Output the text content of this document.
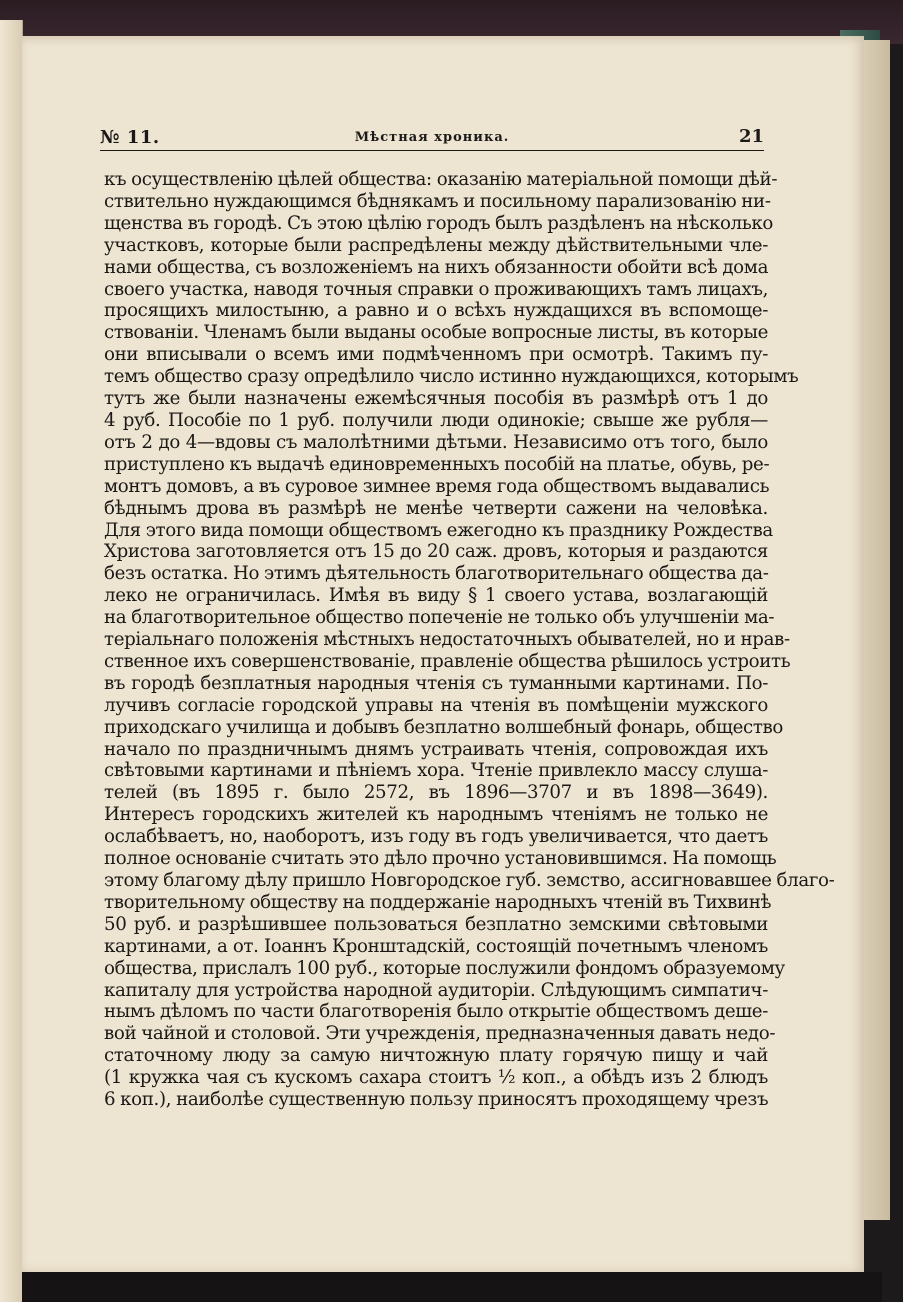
№ 11.	Мѣстная хроника.	21
къ осуществленію цѣлей общества: оказанію матеріальной помощи дѣй-
ствительно нуждающимся бѣднякамъ и посильному парализованію ни-
щенства въ городѣ. Съ этою цѣлію городъ былъ раздѣленъ на нѣсколько
участковъ, которые были распредѣлены между дѣйствительными чле-
нами общества, съ возложеніемъ на нихъ обязанности обойти всѣ дома
своего участка, наводя точныя справки о проживающихъ тамъ лицахъ,
просящихъ милостыню, а равно и о всѣхъ нуждащихся въ вспомоще-
ствованіи. Членамъ были выданы особые вопросные листы, въ которые
они вписывали о всемъ ими подмѣченномъ при осмотрѣ. Такимъ пу-
темъ общество сразу опредѣлило число истинно нуждающихся, которымъ
тутъ же были назначены ежемѣсячныя пособія въ размѣрѣ отъ 1 до
4 руб. Пособіе по 1 руб. получили люди одинокіе; свыше же рубля—
отъ 2 до 4—вдовы съ малолѣтними дѣтьми. Независимо отъ того, было
приступлено къ выдачѣ единовременныхъ пособій на платье, обувь, ре-
монтъ домовъ, а въ суровое зимнее время года обществомъ выдавались
бѣднымъ дрова въ размѣрѣ не менѣе четверти сажени на человѣка.
Для этого вида помощи обществомъ ежегодно къ празднику Рождества
Христова заготовляется отъ 15 до 20 саж. дровъ, которыя и раздаются
безъ остатка. Но этимъ дѣятельность благотворительнаго общества да-
леко не ограничилась. Имѣя въ виду § 1 своего устава, возлагающій
на благотворительное общество попеченіе не только объ улучшеніи ма-
теріальнаго положенія мѣстныхъ недостаточныхъ обывателей, но и нрав-
ственное ихъ совершенствованіе, правленіе общества рѣшилось устроить
въ городѣ безплатныя народныя чтенія съ туманными картинами. По-
лучивъ согласіе городской управы на чтенія въ помѣщеніи мужского
приходскаго училища и добывъ безплатно волшебный фонарь, общество
начало по праздничнымъ днямъ устраивать чтенія, сопровождая ихъ
свѣтовыми картинами и пѣніемъ хора. Чтеніе привлекло массу слуша-
телей (въ 1895 г. было 2572, въ 1896—3707 и въ 1898—3649).
Интересъ городскихъ жителей къ народнымъ чтеніямъ не только не
ослабѣваетъ, но, наоборотъ, изъ году въ годъ увеличивается, что даетъ
полное основаніе считать это дѣло прочно установившимся. На помощь
этому благому дѣлу пришло Новгородское губ. земство, ассигновавшее благо-
творительному обществу на поддержаніе народныхъ чтеній въ Тихвинѣ
50 руб. и разрѣшившее пользоваться безплатно земскими свѣтовыми
картинами, а от. Іоаннъ Кронштадскій, состоящій почетнымъ членомъ
общества, прислалъ 100 руб., которые послужили фондомъ образуемому
капиталу для устройства народной аудиторіи. Слѣдующимъ симпатич-
нымъ дѣломъ по части благотворенія было открытіе обществомъ деше-
вой чайной и столовой. Эти учрежденія, предназначенныя давать недо-
статочному люду за самую ничтожную плату горячую пищу и чай
(1 кружка чая съ кускомъ сахара стоитъ ½ коп., а обѣдъ изъ 2 блюдъ
6 коп.), наиболѣе существенную пользу приносятъ проходящему чрезъ
